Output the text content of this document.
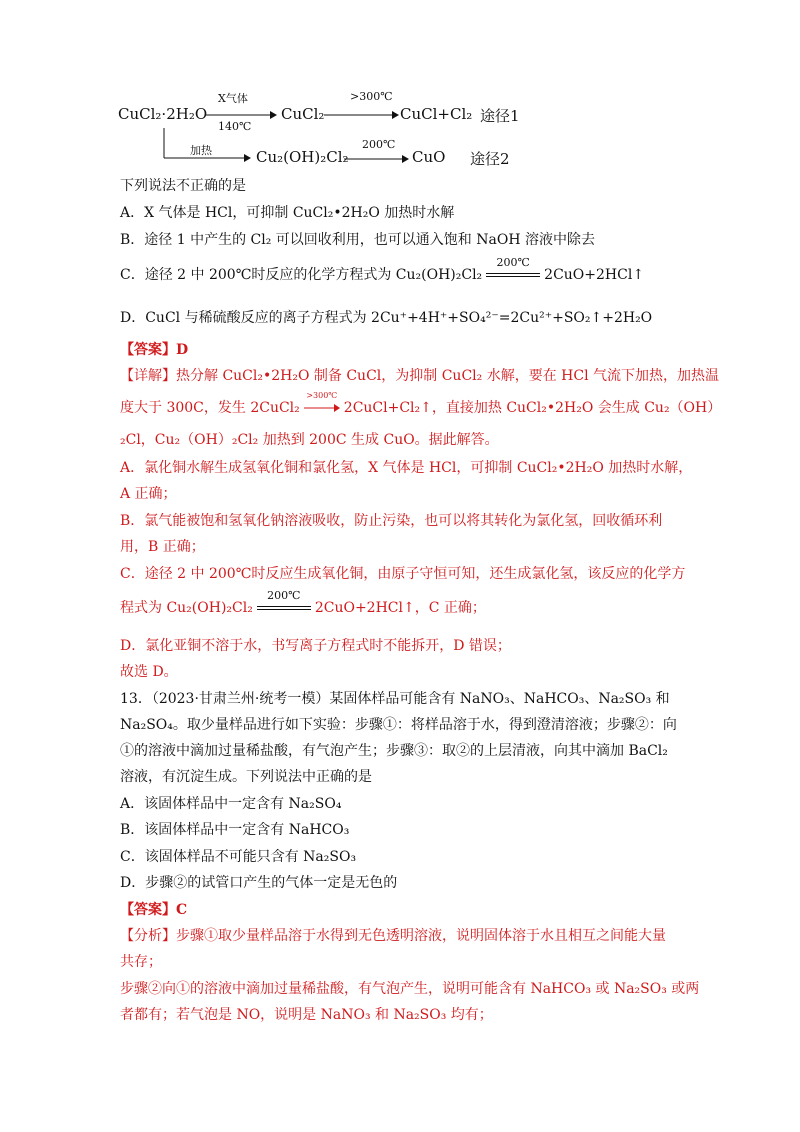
CuCl₂·2H₂O
X气体
140℃
CuCl₂
>300℃
CuCl+Cl₂ 途径1
加热	Cu₂(OH)₂Cl₂
200℃
CuO 途径2
下列说法不正确的是
A．X 气体是 HCl，可抑制 CuCl₂•2H₂O 加热时水解
B．途径 1 中产生的 Cl₂ 可以回收利用，也可以通入饱和 NaOH 溶液中除去
C．途径 2 中 200℃时反应的化学方程式为 Cu₂(OH)₂Cl₂
200℃
2CuO+2HCl↑
D．CuCl 与稀硫酸反应的离子方程式为 2Cu⁺+4H⁺+SO₄²⁻=2Cu²⁺+SO₂↑+2H₂O
【答案】D
【详解】热分解 CuCl₂•2H₂O 制备 CuCl，为抑制 CuCl₂ 水解，要在 HCl 气流下加热，加热温
度大于 300C，发生 2CuCl₂
>300℃
2CuCl+Cl₂↑，直接加热 CuCl₂•2H₂O 会生成 Cu₂（OH）
₂Cl，Cu₂（OH）₂Cl₂ 加热到 200C 生成 CuO。据此解答。
A．氯化铜水解生成氢氧化铜和氯化氢，X 气体是 HCl，可抑制 CuCl₂•2H₂O 加热时水解，
A 正确；
B．氯气能被饱和氢氧化钠溶液吸收，防止污染，也可以将其转化为氯化氢，回收循环利
用，B 正确；
C．途径 2 中 200℃时反应生成氧化铜，由原子守恒可知，还生成氯化氢，该反应的化学方
程式为 Cu₂(OH)₂Cl₂
200℃
2CuO+2HCl↑，C 正确；
D．氯化亚铜不溶于水，书写离子方程式时不能拆开，D 错误；
故选 D。
13．（2023·甘肃兰州·统考一模）某固体样品可能含有 NaNO₃、NaHCO₃、Na₂SO₃ 和
Na₂SO₄。取少量样品进行如下实验：步骤①：将样品溶于水，得到澄清溶液；步骤②：向
①的溶液中滴加过量稀盐酸，有气泡产生；步骤③：取②的上层清液，向其中滴加 BaCl₂
溶液，有沉淀生成。下列说法中正确的是
A．该固体样品中一定含有 Na₂SO₄
B．该固体样品中一定含有 NaHCO₃
C．该固体样品不可能只含有 Na₂SO₃
D．步骤②的试管口产生的气体一定是无色的
【答案】C
【分析】步骤①取少量样品溶于水得到无色透明溶液，说明固体溶于水且相互之间能大量
共存；
步骤②向①的溶液中滴加过量稀盐酸，有气泡产生，说明可能含有 NaHCO₃ 或 Na₂SO₃ 或两
者都有；若气泡是 NO，说明是 NaNO₃ 和 Na₂SO₃ 均有；
